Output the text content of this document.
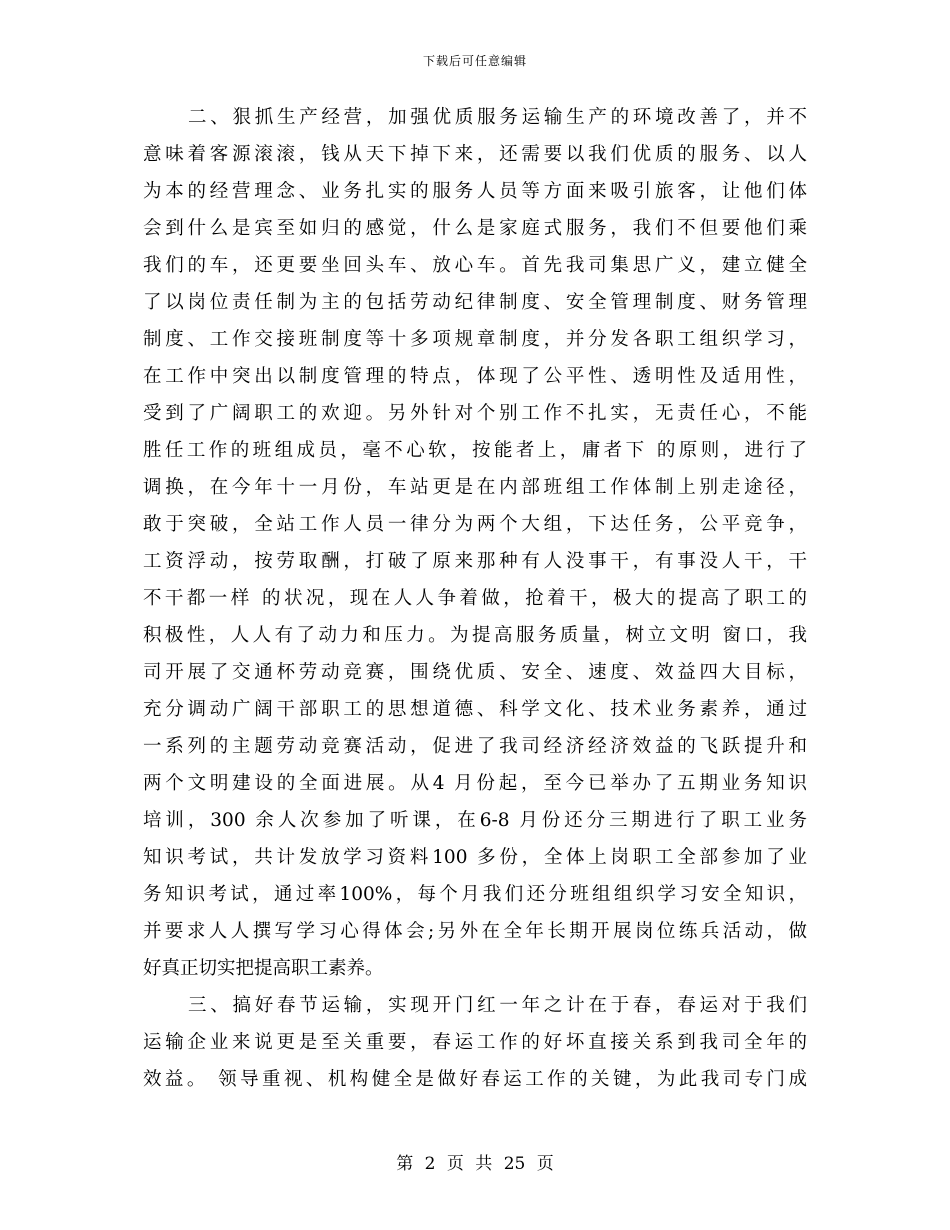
下载后可任意编辑
二、狠抓生产经营，加强优质服务运输生产的环境改善了，并不
意味着客源滚滚，钱从天下掉下来，还需要以我们优质的服务、以人
为本的经营理念、业务扎实的服务人员等方面来吸引旅客，让他们体
会到什么是宾至如归的感觉，什么是家庭式服务，我们不但要他们乘
我们的车，还更要坐回头车、放心车。首先我司集思广义，建立健全
了以岗位责任制为主的包括劳动纪律制度、安全管理制度、财务管理
制度、工作交接班制度等十多项规章制度，并分发各职工组织学习，
在工作中突出以制度管理的特点，体现了公平性、透明性及适用性，
受到了广阔职工的欢迎。另外针对个别工作不扎实，无责任心，不能
胜任工作的班组成员，毫不心软，按能者上，庸者下 的原则，进行了
调换，在今年十一月份，车站更是在内部班组工作体制上别走途径，
敢于突破，全站工作人员一律分为两个大组，下达任务，公平竞争，
工资浮动，按劳取酬，打破了原来那种有人没事干，有事没人干，干
不干都一样 的状况，现在人人争着做，抢着干，极大的提高了职工的
积极性，人人有了动力和压力。为提高服务质量，树立文明 窗口，我
司开展了交通杯劳动竞赛，围绕优质、安全、速度、效益四大目标，
充分调动广阔干部职工的思想道德、科学文化、技术业务素养，通过
一系列的主题劳动竞赛活动，促进了我司经济经济效益的飞跃提升和
两个文明建设的全面进展。从4 月份起，至今已举办了五期业务知识
培训，300 余人次参加了听课，在6-8 月份还分三期进行了职工业务
知识考试，共计发放学习资料100 多份，全体上岗职工全部参加了业
务知识考试，通过率100%，每个月我们还分班组组织学习安全知识，
并要求人人撰写学习心得体会;另外在全年长期开展岗位练兵活动，做
好真正切实把提高职工素养。
三、搞好春节运输，实现开门红一年之计在于春，春运对于我们
运输企业来说更是至关重要，春运工作的好坏直接关系到我司全年的
效益。 领导重视、机构健全是做好春运工作的关键，为此我司专门成
第 2 页 共 25 页
